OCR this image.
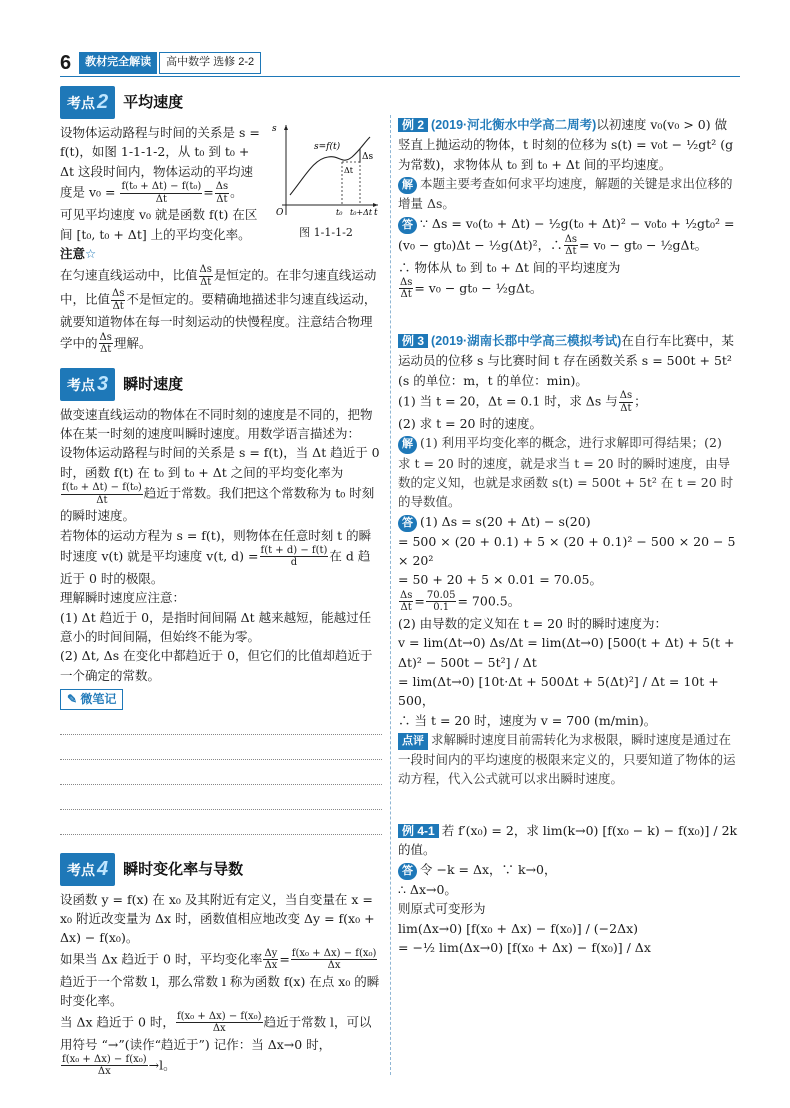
6	教材完全解读	高中数学 选修 2-2
考点 2	平均速度

设物体运动路程与时间的关系是 s = f(t)，如图 1-1-1-2，从 t₀ 到 t₀ + Δt 这段时间内，物体运动的平均速度是 $v_0 = \frac{\text{f(t₀ + Δt) − f(t₀)}}{\Delta t} = \frac{\Delta s}{\Delta t}$ 。

可见平均速度 v₀ 就是函数 f(t) 在区间 [t₀, t₀ + Δt] 上的平均变化率。

s
t
O
s=f(t)
Δs
Δt
t₀ t₀+Δt
图 1-1-1-2

注意☆

在匀速直线运动中，比值 $\frac{\Delta s}{\Delta t}$ 是恒定的。在非匀速直线运动中，比值 $\frac{\Delta s}{\Delta t}$ 不是恒定的。要精确地描述非匀速直线运动，就要知道物体在每一时刻运动的快慢程度。注意结合物理学中的 $\frac{\Delta s}{\Delta t}$ 理解。

考点 3	瞬时速度

做变速直线运动的物体在不同时刻的速度是不同的，把物体在某一时刻的速度叫瞬时速度。用数学语言描述为：

设物体运动路程与时间的关系是 s = f(t)，当 Δt 趋近于 0 时，函数 f(t) 在 t₀ 到 t₀ + Δt 之间的平均变化率为
$\frac{\text{f(t₀ + Δt) − f(t₀)}}{\Delta t}$ 趋近于常数。我们把这个常数称为 t₀ 时刻的瞬时速度。

若物体的运动方程为 s = f(t)，则物体在任意时刻 t 的瞬时速度 v(t) 就是平均速度 v(t, $d) = \frac{f(t + d) - f(t)}{d}$ 在 d 趋近于 0 时的极限。

理解瞬时速度应注意：

(1) Δt 趋近于 0，是指时间间隔 Δt 越来越短，能越过任意小的时间间隔，但始终不能为零。

(2) Δt, Δs 在变化中都趋近于 0，但它们的比值却趋近于一个确定的常数。

✎ 微笔记
考点 4	瞬时变化率与导数

设函数 y = f(x) 在 x₀ 及其附近有定义，当自变量在 x = x₀ 附近改变量为 Δx 时，函数值相应地改变 Δy = f(x₀ + Δx) − f(x₀)。

如果当 Δx 趋近于 0 时，平均变化率 $\frac{\Delta y}{\Delta x} = \frac{\text{f(x₀ + Δx) − f(x₀)}}{\Delta x}$
趋近于一个常数 l，那么常数 l 称为函数 f(x) 在点 x₀ 的瞬时变化率。

当 Δx 趋近于 0 时， $\frac{\text{f(x₀ + Δx) − f(x₀)}}{\Delta x}$ 趋近于常数 l，可以用符号 “→”(读作“趋近于”) 记作：当 Δx→0 时，
$\frac{\text{f(x₀ + Δx) − f(x₀)}}{\Delta x} \to l$。

例 2 (2019·河北衡水中学高二周考)以初速度 v₀(v₀ > 0) 做竖直上抛运动的物体，t 时刻的位移为 s(t) = v₀t − ½gt² (g 为常数)，求物体从 t₀ 到 t₀ + Δt 间的平均速度。

解 本题主要考查如何求平均速度，解题的关键是求出位移的增量 Δs。

答 ∵ Δs = v₀(t₀ + Δt) − ½g(t₀ + Δt)² − v₀t₀ + ½gt₀² = (v₀ − gt₀)Δt − ½g(Δt)²，∴ $\frac{\Delta s}{\Delta t} = v_0 - gt_0$ − ½gΔt。

∴ 物体从 t₀ 到 t₀ + Δt 间的平均速度为

$\frac{\Delta s}{\Delta t} = v_0 - gt_0$ − ½gΔt。

例 3 (2019·湖南长郡中学高三模拟考试)在自行车比赛中，某运动员的位移 s 与比赛时间 t 存在函数关系 s = 500t + 5t² (s 的单位：m，t 的单位：min)。

(1) 当 t = 20，Δt = 0.1 时，求 Δs 与 $\frac{\Delta s}{\Delta t}$ ；

(2) 求 t = 20 时的速度。

解 (1) 利用平均变化率的概念，进行求解即可得结果；(2) 求 t = 20 时的速度，就是求当 t = 20 时的瞬时速度，由导数的定义知，也就是求函数 s(t) = 500t + 5t² 在 t = 20 时的导数值。

答 (1) Δs = s(20 + Δt) − s(20)

= 500 × (20 + 0.1) + 5 × (20 + 0.1)² − 500 × 20 − 5 × 20²

= 50 + 20 + 5 × 0.01 = 70.05。

$\frac{\Delta s}{\Delta t} = \frac{70.05}{0.1} = 700.5$。

(2) 由导数的定义知在 t = 20 时的瞬时速度为：

v = lim(Δt→0) Δs/Δt = lim(Δt→0) [500(t + Δt) + 5(t + Δt)² − 500t − 5t²] / Δt

= lim(Δt→0) [10t·Δt + 500Δt + 5(Δt)²] / Δt = 10t + 500，

∴ 当 t = 20 时，速度为 v = 700 (m/min)。

点评 求解瞬时速度目前需转化为求极限，瞬时速度是通过在一段时间内的平均速度的极限来定义的，只要知道了物体的运动方程，代入公式就可以求出瞬时速度。

例 4-1 若 f′(x₀) = 2，求 lim(k→0) [f(x₀ − k) − f(x₀)] / 2k 的值。

答 令 −k = Δx，∵ k→0，

∴ Δx→0。

则原式可变形为

lim(Δx→0) [f(x₀ + Δx) − f(x₀)] / (−2Δx)

= −½ lim(Δx→0) [f(x₀ + Δx) − f(x₀)] / Δx
